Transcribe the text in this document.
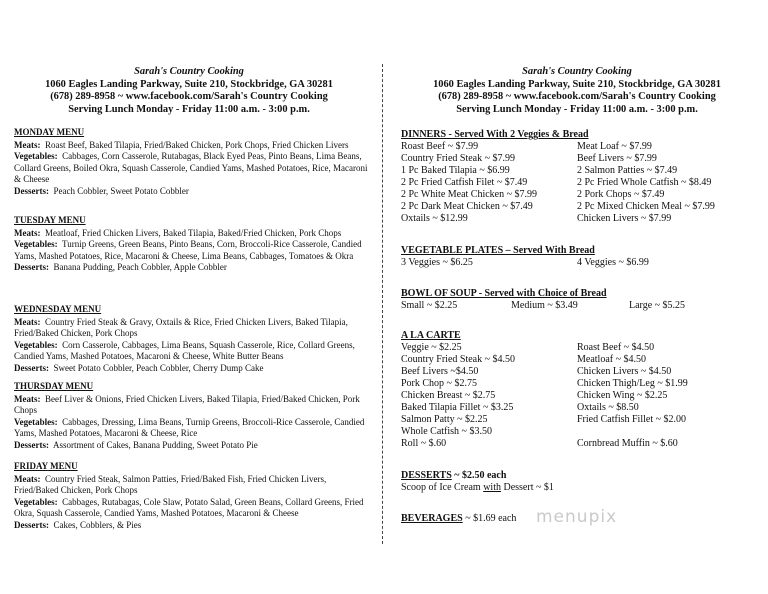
Sarah's Country Cooking
1060 Eagles Landing Parkway, Suite 210, Stockbridge, GA 30281
(678) 289-8958 ~ www.facebook.com/Sarah's Country Cooking
Serving Lunch Monday - Friday 11:00 a.m. - 3:00 p.m.
MONDAY MENU
Meats: Roast Beef, Baked Tilapia, Fried/Baked Chicken, Pork Chops, Fried Chicken Livers
Vegetables: Cabbages, Corn Casserole, Rutabagas, Black Eyed Peas, Pinto Beans, Lima Beans, Collard Greens, Boiled Okra, Squash Casserole, Candied Yams, Mashed Potatoes, Rice, Macaroni & Cheese
Desserts: Peach Cobbler, Sweet Potato Cobbler
TUESDAY MENU
Meats: Meatloaf, Fried Chicken Livers, Baked Tilapia, Baked/Fried Chicken, Pork Chops
Vegetables: Turnip Greens, Green Beans, Pinto Beans, Corn, Broccoli-Rice Casserole, Candied Yams, Mashed Potatoes, Rice, Macaroni & Cheese, Lima Beans, Cabbages, Tomatoes & Okra
Desserts: Banana Pudding, Peach Cobbler, Apple Cobbler
WEDNESDAY MENU
Meats: Country Fried Steak & Gravy, Oxtails & Rice, Fried Chicken Livers, Baked Tilapia, Fried/Baked Chicken, Pork Chops
Vegetables: Corn Casserole, Cabbages, Lima Beans, Squash Casserole, Rice, Collard Greens, Candied Yams, Mashed Potatoes, Macaroni & Cheese, White Butter Beans
Desserts: Sweet Potato Cobbler, Peach Cobbler, Cherry Dump Cake
THURSDAY MENU
Meats: Beef Liver & Onions, Fried Chicken Livers, Baked Tilapia, Fried/Baked Chicken, Pork Chops
Vegetables: Cabbages, Dressing, Lima Beans, Turnip Greens, Broccoli-Rice Casserole, Candied Yams, Mashed Potatoes, Macaroni & Cheese, Rice
Desserts: Assortment of Cakes, Banana Pudding, Sweet Potato Pie
FRIDAY MENU
Meats: Country Fried Steak, Salmon Patties, Fried/Baked Fish, Fried Chicken Livers, Fried/Baked Chicken, Pork Chops
Vegetables: Cabbages, Rutabagas, Cole Slaw, Potato Salad, Green Beans, Collard Greens, Fried Okra, Squash Casserole, Candied Yams, Mashed Potatoes, Macaroni & Cheese
Desserts: Cakes, Cobblers, & Pies
Sarah's Country Cooking
1060 Eagles Landing Parkway, Suite 210, Stockbridge, GA 30281
(678) 289-8958 ~ www.facebook.com/Sarah's Country Cooking
Serving Lunch Monday - Friday 11:00 a.m. - 3:00 p.m.
DINNERS - Served With 2 Veggies & Bread
Roast Beef ~ $7.99	Meat Loaf ~ $7.99
Country Fried Steak ~ $7.99	Beef Livers ~ $7.99
1 Pc Baked Tilapia ~ $6.99	2 Salmon Patties ~ $7.49
2 Pc Fried Catfish Filet ~ $7.49	2 Pc Fried Whole Catfish ~ $8.49
2 Pc White Meat Chicken ~ $7.99	2 Pork Chops ~ $7.49
2 Pc Dark Meat Chicken ~ $7.49	2 Pc Mixed Chicken Meal ~ $7.99
Oxtails ~ $12.99	Chicken Livers ~ $7.99
VEGETABLE PLATES – Served With Bread
3 Veggies ~ $6.25	4 Veggies ~ $6.99
BOWL OF SOUP - Served with Choice of Bread
Small ~ $2.25	Medium ~ $3.49	Large ~ $5.25
A LA CARTE
Veggie ~ $2.25	Roast Beef ~ $4.50
Country Fried Steak ~ $4.50	Meatloaf ~ $4.50
Beef Livers ~$4.50	Chicken Livers ~ $4.50
Pork Chop ~ $2.75	Chicken Thigh/Leg ~ $1.99
Chicken Breast ~ $2.75	Chicken Wing ~ $2.25
Baked Tilapia Fillet ~ $3.25	Oxtails ~ $8.50
Salmon Patty ~ $2.25	Fried Catfish Fillet ~ $2.00
Whole Catfish ~ $3.50
Roll ~ $.60	Cornbread Muffin ~ $.60
DESSERTS ~ $2.50 each
Scoop of Ice Cream with Dessert ~ $1
BEVERAGES ~ $1.69 each	menupix
